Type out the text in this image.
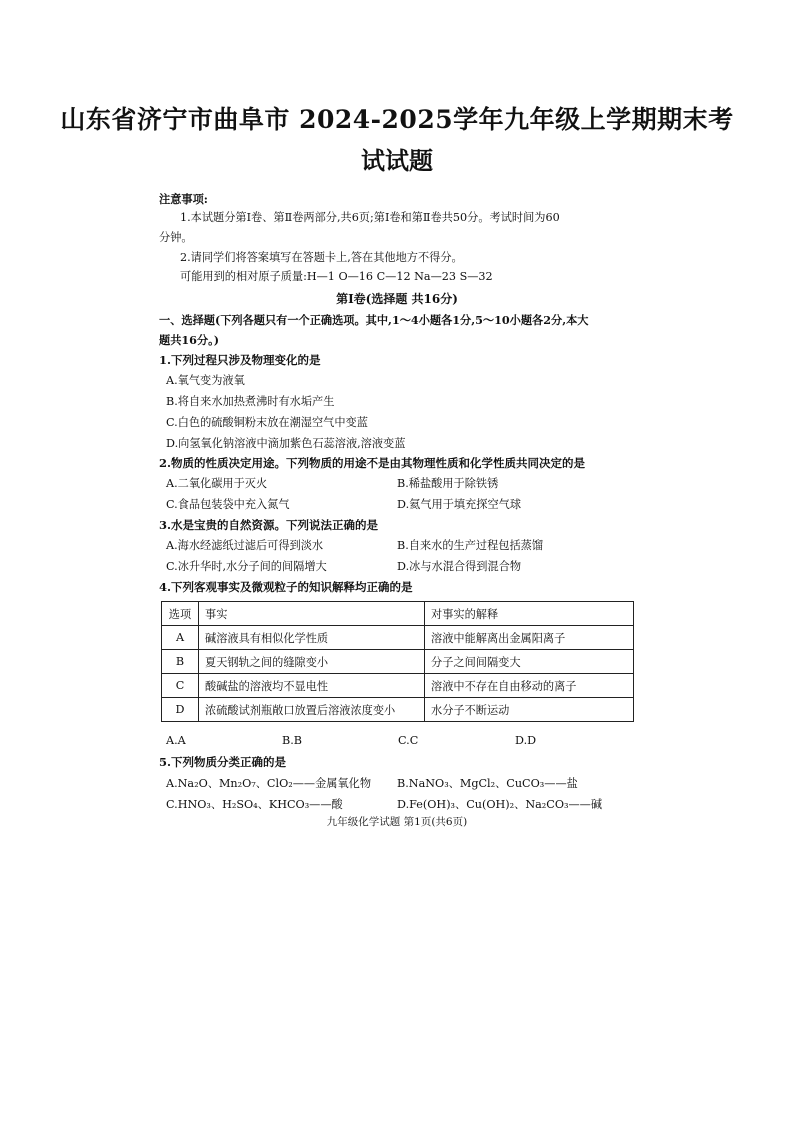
山东省济宁市曲阜市 2024-2025学年九年级上学期期末考
试试题
注意事项:
1.本试题分第Ⅰ卷、第Ⅱ卷两部分,共6页;第Ⅰ卷和第Ⅱ卷共50分。考试时间为60
分钟。
2.请同学们将答案填写在答题卡上,答在其他地方不得分。
可能用到的相对原子质量:H—1 O—16 C—12 Na—23 S—32
第Ⅰ卷(选择题 共16分)
一、选择题(下列各题只有一个正确选项。其中,1～4小题各1分,5～10小题各2分,本大
题共16分。)
1.下列过程只涉及物理变化的是
A.氧气变为液氧
B.将自来水加热煮沸时有水垢产生
C.白色的硫酸铜粉末放在潮湿空气中变蓝
D.向氢氧化钠溶液中滴加紫色石蕊溶液,溶液变蓝
2.物质的性质决定用途。下列物质的用途不是由其物理性质和化学性质共同决定的是
A.二氧化碳用于灭火	B.稀盐酸用于除铁锈
C.食品包装袋中充入氮气	D.氦气用于填充探空气球
3.水是宝贵的自然资源。下列说法正确的是
A.海水经滤纸过滤后可得到淡水	B.自来水的生产过程包括蒸馏
C.冰升华时,水分子间的间隔增大	D.冰与水混合得到混合物
4.下列客观事实及微观粒子的知识解释均正确的是
选项	事实	对事实的解释
A	碱溶液具有相似化学性质	溶液中能解离出金属阳离子
B	夏天钢轨之间的缝隙变小	分子之间间隔变大
C	酸碱盐的溶液均不显电性	溶液中不存在自由移动的离子
D	浓硫酸试剂瓶敞口放置后溶液浓度变小	水分子不断运动
A.A	B.B	C.C	D.D
5.下列物质分类正确的是
A.Na₂O、Mn₂O₇、ClO₂——金属氧化物 B.NaNO₃、MgCl₂、CuCO₃——盐
C.HNO₃、H₂SO₄、KHCO₃——酸	D.Fe(OH)₃、Cu(OH)₂、Na₂CO₃——碱
九年级化学试题 第1页(共6页)
